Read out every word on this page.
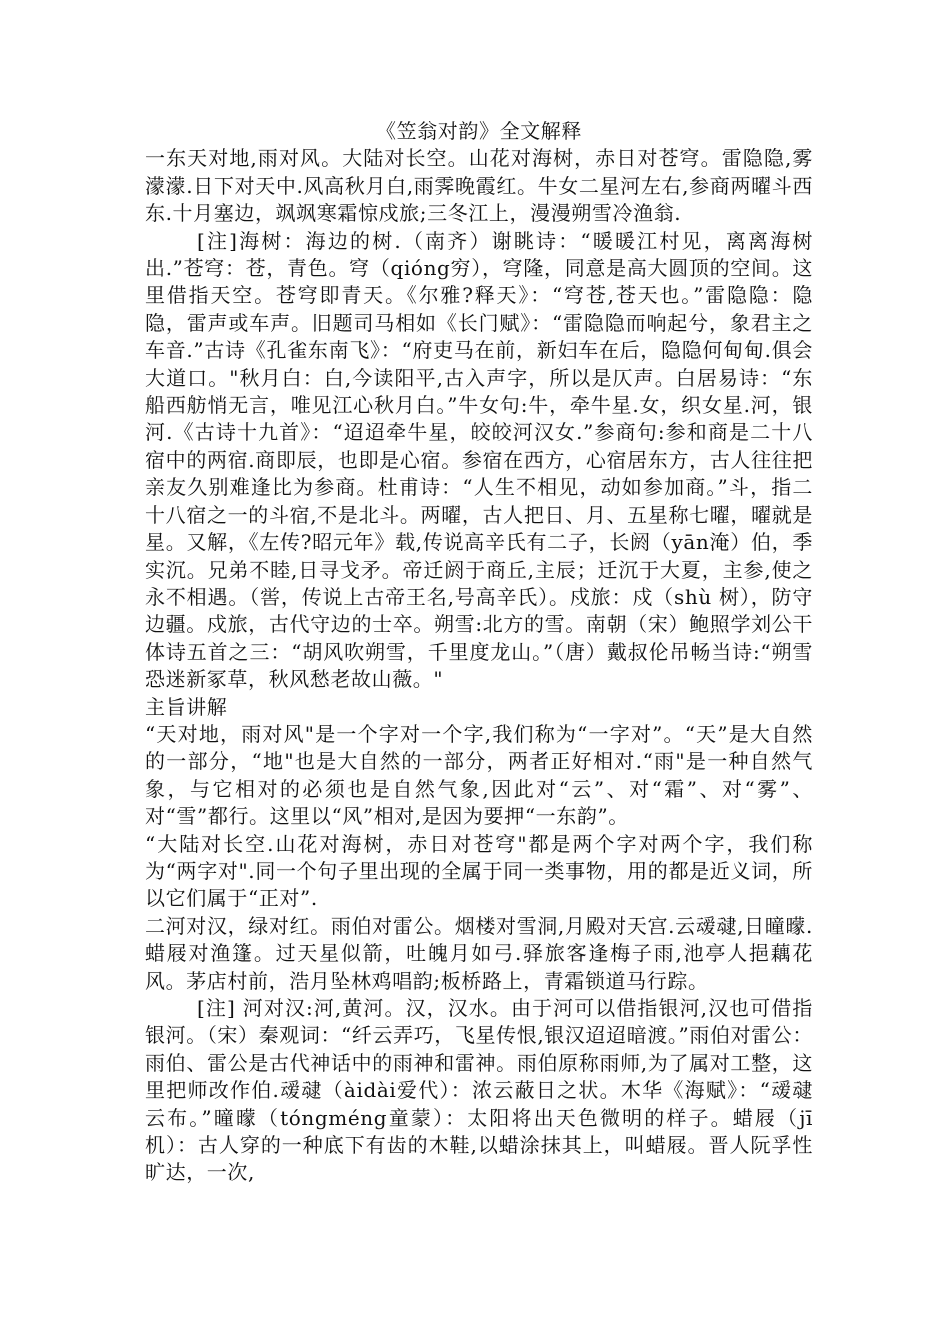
《笠翁对韵》全文解释

一东天对地,雨对风。大陆对长空。山花对海树，赤日对苍穹。雷隐隐,雾濛濛.日下对天中.风高秋月白,雨霁晚霞红。牛女二星河左右,参商两曜斗西东.十月塞边，飒飒寒霜惊戍旅;三冬江上，漫漫朔雪冷渔翁.

[注]海树：海边的树.（南齐）谢眺诗：“暖暖江村见，离离海树出.”苍穹：苍，青色。穹（qióng穷），穹隆，同意是高大圆顶的空间。这里借指天空。苍穹即青天。《尔雅?释天》：“穹苍,苍天也。”雷隐隐：隐隐，雷声或车声。旧题司马相如《长门赋》：“雷隐隐而响起兮，象君主之车音.”古诗《孔雀东南飞》：“府吏马在前，新妇车在后，隐隐何甸甸.俱会大道口。"秋月白：白,今读阳平,古入声字，所以是仄声。白居易诗：“东船西舫悄无言，唯见江心秋月白。”牛女句:牛，牵牛星.女，织女星.河，银河.《古诗十九首》：“迢迢牵牛星，皎皎河汉女.”参商句:参和商是二十八宿中的两宿.商即辰，也即是心宿。参宿在西方，心宿居东方，古人往往把亲友久别难逢比为参商。杜甫诗：“人生不相见，动如参加商。”斗，指二十八宿之一的斗宿,不是北斗。两曜，古人把日、月、五星称七曜，曜就是星。又解，《左传?昭元年》载,传说高辛氏有二子，长阏（yān淹）伯，季实沉。兄弟不睦,日寻戈矛。帝迁阏于商丘,主辰；迁沉于大夏，主参,使之永不相遇。（喾，传说上古帝王名,号高辛氏）。戍旅：戍（shù 树），防守边疆。戍旅，古代守边的士卒。朔雪:北方的雪。南朝（宋）鲍照学刘公干体诗五首之三：“胡风吹朔雪，千里度龙山。”（唐）戴叔伦吊畅当诗:“朔雪恐迷新冢草，秋风愁老故山薇。"

主旨讲解

“天对地，雨对风"是一个字对一个字,我们称为“一字对”。“天”是大自然的一部分，“地"也是大自然的一部分，两者正好相对.“雨"是一种自然气象，与它相对的必须也是自然气象,因此对“云”、对“霜”、对“雾”、对“雪”都行。这里以“风”相对,是因为要押“一东韵”。

“大陆对长空.山花对海树，赤日对苍穹"都是两个字对两个字，我们称为“两字对".同一个句子里出现的全属于同一类事物，用的都是近义词，所以它们属于“正对”.

二河对汉，绿对红。雨伯对雷公。烟楼对雪洞,月殿对天宫.云叆叇,日曈曚.蜡屐对渔篷。过天星似箭，吐魄月如弓.驿旅客逢梅子雨,池亭人挹藕花风。茅店村前，浩月坠林鸡唱韵;板桥路上，青霜锁道马行踪。

[注] 河对汉:河,黄河。汉，汉水。由于河可以借指银河,汉也可借指银河。（宋）秦观词：“纤云弄巧，飞星传恨,银汉迢迢暗渡。”雨伯对雷公：雨伯、雷公是古代神话中的雨神和雷神。雨伯原称雨师,为了属对工整，这里把师改作伯.叆叇（àidài爱代）：浓云蔽日之状。木华《海赋》：“叆叇云布。”曈曚（tóngméng童蒙）：太阳将出天色微明的样子。蜡屐（jī 机）：古人穿的一种底下有齿的木鞋,以蜡涂抹其上，叫蜡屐。晋人阮孚性旷达，一次,
